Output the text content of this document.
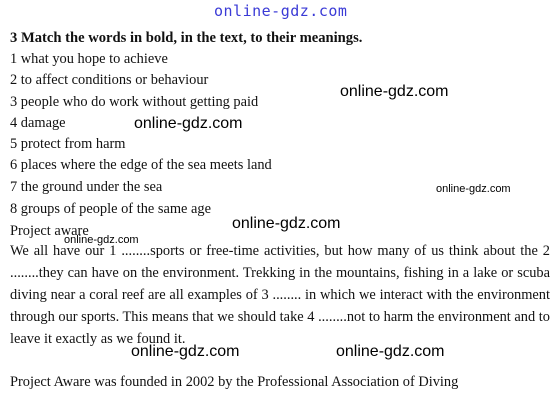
3 Match the words in bold, in the text, to their meanings.
1 what you hope to achieve
2 to affect conditions or behaviour
3 people who do work without getting paid
4 damage
5 protect from harm
6 places where the edge of the sea meets land
7 the ground under the sea
8 groups of people of the same age
Project aware
We all have our 1 ........sports or free-time activities, but how many of us think about the 2 ........they can have on the environment. Trekking in the mountains, fishing in a lake or scuba diving near a coral reef are all examples of 3 ........ in which we interact with the environment through our sports. This means that we should take 4 ........not to harm the environment and to leave it exactly as we found it.
Project Aware was founded in 2002 by the Professional Association of Diving
online-gdz.com
online-gdz.com
online-gdz.com
online-gdz.com
online-gdz.com
online-gdz.com
online-gdz.com	online-gdz.com
